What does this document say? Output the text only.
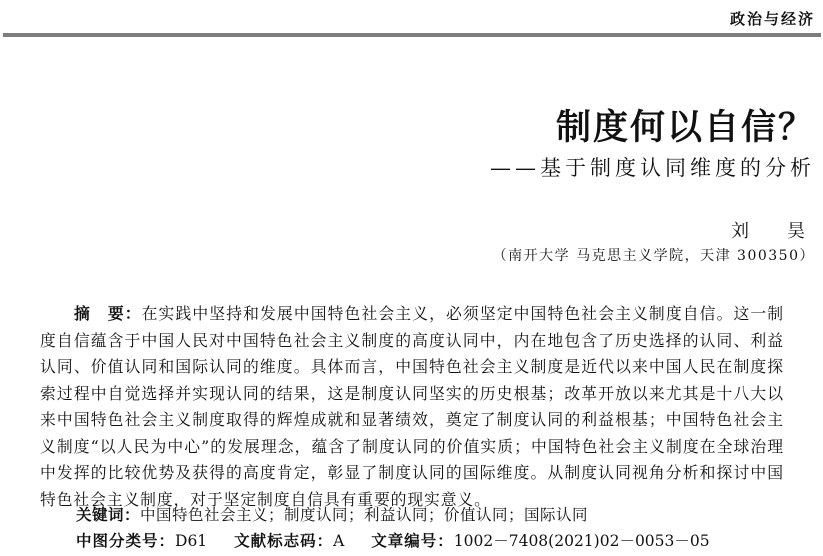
政治与经济
制度何以自信？
——基于制度认同维度的分析
刘　昊
（南开大学 马克思主义学院，天津 300350）

摘　要：在实践中坚持和发展中国特色社会主义，必须坚定中国特色社会主义制度自信。这一制度自信蕴含于中国人民对中国特色社会主义制度的高度认同中，内在地包含了历史选择的认同、利益认同、价值认同和国际认同的维度。具体而言，中国特色社会主义制度是近代以来中国人民在制度探索过程中自觉选择并实现认同的结果，这是制度认同坚实的历史根基；改革开放以来尤其是十八大以来中国特色社会主义制度取得的辉煌成就和显著绩效，奠定了制度认同的利益根基；中国特色社会主义制度“以人民为中心”的发展理念，蕴含了制度认同的价值实质；中国特色社会主义制度在全球治理中发挥的比较优势及获得的高度肯定，彰显了制度认同的国际维度。从制度认同视角分析和探讨中国特色社会主义制度，对于坚定制度自信具有重要的现实意义。

关键词：中国特色社会主义；制度认同；利益认同；价值认同；国际认同
中图分类号：D61 文献标志码：A 文章编号：1002－7408(2021)02－0053－05
